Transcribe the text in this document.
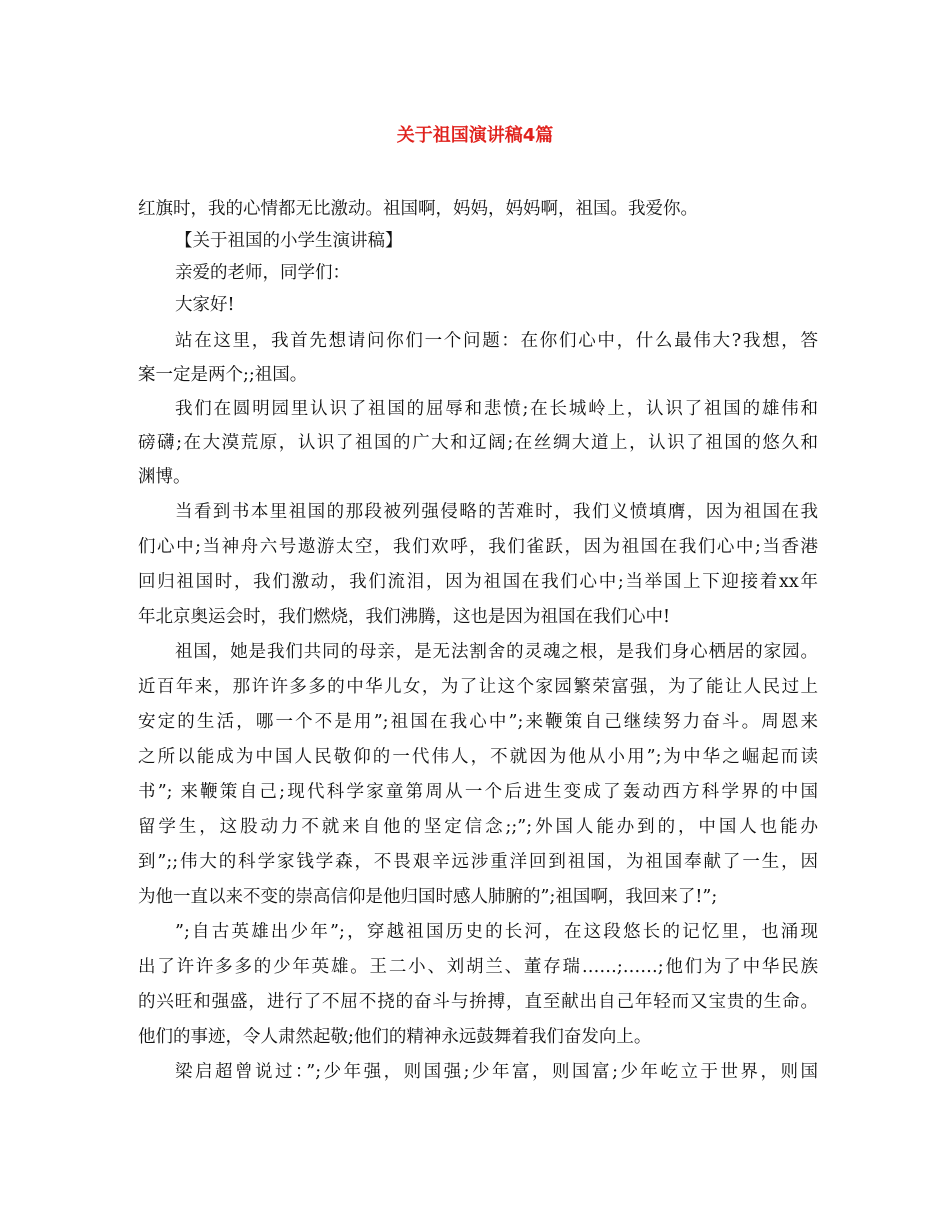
关于祖国演讲稿4篇

红旗时，我的心情都无比激动。祖国啊，妈妈，妈妈啊，祖国。我爱你。

【关于祖国的小学生演讲稿】

亲爱的老师，同学们：

大家好!

站在这里，我首先想请问你们一个问题：在你们心中，什么最伟大?我想，答

案一定是两个;;祖国。

我们在圆明园里认识了祖国的屈辱和悲愤;在长城岭上，认识了祖国的雄伟和

磅礴;在大漠荒原，认识了祖国的广大和辽阔;在丝绸大道上，认识了祖国的悠久和

渊博。

当看到书本里祖国的那段被列强侵略的苦难时，我们义愤填膺，因为祖国在我

们心中;当神舟六号遨游太空，我们欢呼，我们雀跃，因为祖国在我们心中;当香港

回归祖国时，我们激动，我们流泪，因为祖国在我们心中;当举国上下迎接着xx年

年北京奥运会时，我们燃烧，我们沸腾，这也是因为祖国在我们心中!

祖国，她是我们共同的母亲，是无法割舍的灵魂之根，是我们身心栖居的家园。

近百年来，那许许多多的中华儿女，为了让这个家园繁荣富强，为了能让人民过上

安定的生活，哪一个不是用”;祖国在我心中”;来鞭策自己继续努力奋斗。周恩来

之所以能成为中国人民敬仰的一代伟人，不就因为他从小用”;为中华之崛起而读

书”; 来鞭策自己;现代科学家童第周从一个后进生变成了轰动西方科学界的中国

留学生，这股动力不就来自他的坚定信念;;”;外国人能办到的，中国人也能办

到”;;伟大的科学家钱学森，不畏艰辛远涉重洋回到祖国，为祖国奉献了一生，因

为他一直以来不变的崇高信仰是他归国时感人肺腑的”;祖国啊，我回来了!”;

”;自古英雄出少年”;，穿越祖国历史的长河，在这段悠长的记忆里，也涌现

出了许许多多的少年英雄。王二小、刘胡兰、董存瑞……;……;他们为了中华民族

的兴旺和强盛，进行了不屈不挠的奋斗与拚搏，直至献出自己年轻而又宝贵的生命。

他们的事迹，令人肃然起敬;他们的精神永远鼓舞着我们奋发向上。

梁启超曾说过：”;少年强，则国强;少年富，则国富;少年屹立于世界，则国
